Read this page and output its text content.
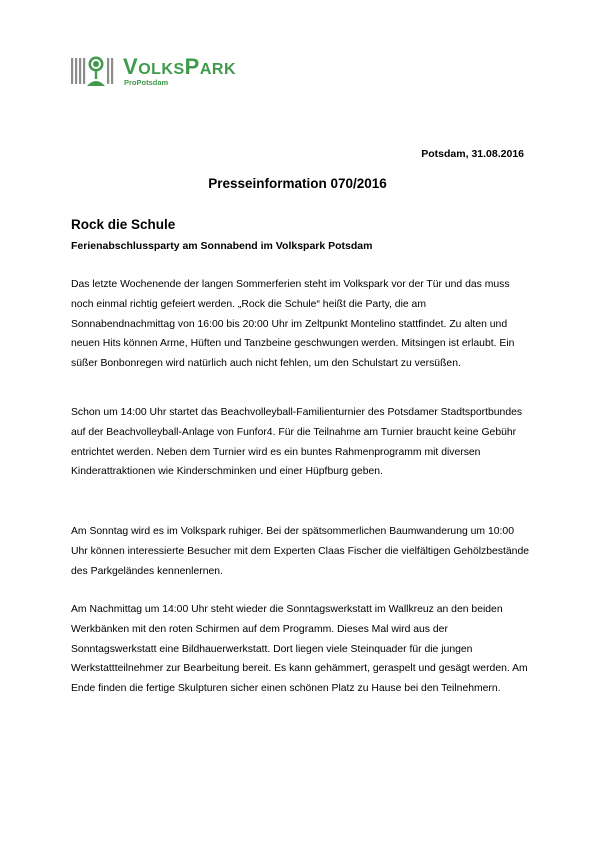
VOLKSPARK
ProPotsdam
Potsdam, 31.08.2016
Presseinformation 070/2016
Rock die Schule
Ferienabschlussparty am Sonnabend im Volkspark Potsdam
Das letzte Wochenende der langen Sommerferien steht im Volkspark vor der Tür und das muss noch einmal richtig gefeiert werden. „Rock die Schule“ heißt die Party, die am Sonnabendnachmittag von 16:00 bis 20:00 Uhr im Zeltpunkt Montelino stattfindet. Zu alten und neuen Hits können Arme, Hüften und Tanzbeine geschwungen werden. Mitsingen ist erlaubt. Ein süßer Bonbonregen wird natürlich auch nicht fehlen, um den Schulstart zu versüßen.
Schon um 14:00 Uhr startet das Beachvolleyball-Familienturnier des Potsdamer Stadtsportbundes auf der Beachvolleyball-Anlage von Funfor4. Für die Teilnahme am Turnier braucht keine Gebühr entrichtet werden. Neben dem Turnier wird es ein buntes Rahmenprogramm mit diversen Kinderattraktionen wie Kinderschminken und einer Hüpfburg geben.
Am Sonntag wird es im Volkspark ruhiger. Bei der spätsommerlichen Baumwanderung um 10:00 Uhr können interessierte Besucher mit dem Experten Claas Fischer die vielfältigen Gehölzbestände des Parkgeländes kennenlernen.
Am Nachmittag um 14:00 Uhr steht wieder die Sonntagswerkstatt im Wallkreuz an den beiden Werkbänken mit den roten Schirmen auf dem Programm. Dieses Mal wird aus der Sonntagswerkstatt eine Bildhauerwerkstatt. Dort liegen viele Steinquader für die jungen Werkstattteilnehmer zur Bearbeitung bereit. Es kann gehämmert, geraspelt und gesägt werden. Am Ende finden die fertige Skulpturen sicher einen schönen Platz zu Hause bei den Teilnehmern.
